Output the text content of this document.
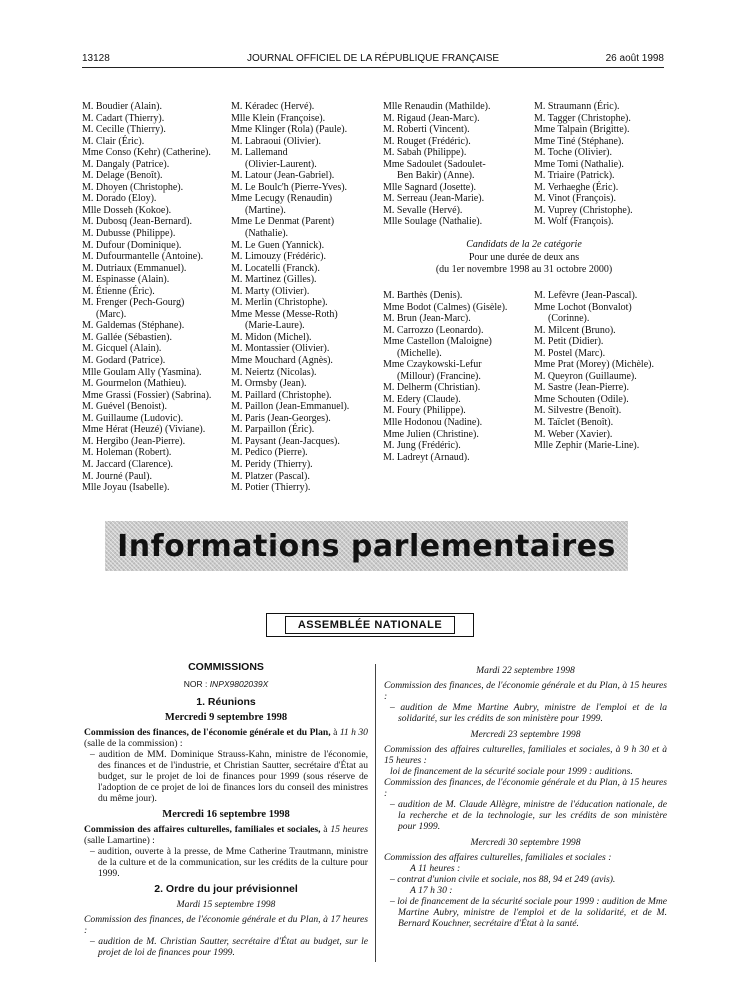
13128	JOURNAL OFFICIEL DE LA RÉPUBLIQUE FRANÇAISE	26 août 1998
M. Boudier (Alain).
M. Cadart (Thierry).
M. Cecille (Thierry).
M. Clair (Éric).
Mme Conso (Kehr) (Catherine).
M. Dangaly (Patrice).
M. Delage (Benoît).
M. Dhoyen (Christophe).
M. Dorado (Eloy).
Mlle Dosseh (Kokoe).
M. Dubosq (Jean-Bernard).
M. Dubusse (Philippe).
M. Dufour (Dominique).
M. Dufourmantelle (Antoine).
M. Dutriaux (Emmanuel).
M. Espinasse (Alain).
M. Étienne (Éric).
M. Frenger (Pech-Gourg)
(Marc).
M. Galdemas (Stéphane).
M. Gallée (Sébastien).
M. Gicquel (Alain).
M. Godard (Patrice).
Mlle Goulam Ally (Yasmina).
M. Gourmelon (Mathieu).
Mme Grassi (Fossier) (Sabrina).
M. Guével (Benoist).
M. Guillaume (Ludovic).
Mme Hérat (Heuzé) (Viviane).
M. Hergibo (Jean-Pierre).
M. Holeman (Robert).
M. Jaccard (Clarence).
M. Journé (Paul).
Mlle Joyau (Isabelle).
M. Kéradec (Hervé).
Mlle Klein (Françoise).
Mme Klinger (Rola) (Paule).
M. Labraoui (Olivier).
M. Lallemand
(Olivier-Laurent).
M. Latour (Jean-Gabriel).
M. Le Boulc'h (Pierre-Yves).
Mme Lecugy (Renaudin)
(Martine).
Mme Le Denmat (Parent)
(Nathalie).
M. Le Guen (Yannick).
M. Limouzy (Frédéric).
M. Locatelli (Franck).
M. Martinez (Gilles).
M. Marty (Olivier).
M. Merlin (Christophe).
Mme Messe (Messe-Roth)
(Marie-Laure).
M. Midon (Michel).
M. Montassier (Olivier).
Mme Mouchard (Agnès).
M. Neiertz (Nicolas).
M. Ormsby (Jean).
M. Paillard (Christophe).
M. Paillon (Jean-Emmanuel).
M. Paris (Jean-Georges).
M. Parpaillon (Éric).
M. Paysant (Jean-Jacques).
M. Pedico (Pierre).
M. Peridy (Thierry).
M. Platzer (Pascal).
M. Potier (Thierry).
Mlle Renaudin (Mathilde).
M. Rigaud (Jean-Marc).
M. Roberti (Vincent).
M. Rouget (Frédéric).
M. Sabah (Philippe).
Mme Sadoulet (Sadoulet-
Ben Bakir) (Anne).
Mlle Sagnard (Josette).
M. Serreau (Jean-Marie).
M. Sevalle (Hervé).
Mlle Soulage (Nathalie).
M. Straumann (Éric).
M. Tagger (Christophe).
Mme Talpain (Brigitte).
Mme Tiné (Stéphane).
M. Toche (Olivier).
Mme Tomi (Nathalie).
M. Triaire (Patrick).
M. Verhaeghe (Éric).
M. Vinot (François).
M. Vuprey (Christophe).
M. Wolf (François).
Candidats de la 2e catégorie
Pour une durée de deux ans
(du 1er novembre 1998 au 31 octobre 2000)
M. Barthès (Denis).
Mme Bodot (Calmes) (Gisèle).
M. Brun (Jean-Marc).
M. Carrozzo (Leonardo).
Mme Castellon (Maloigne)
(Michelle).
Mme Czaykowski-Lefur
(Millour) (Francine).
M. Delherm (Christian).
M. Edery (Claude).
M. Foury (Philippe).
Mlle Hodonou (Nadine).
Mme Julien (Christine).
M. Jung (Frédéric).
M. Ladreyt (Arnaud).
M. Lefèvre (Jean-Pascal).
Mme Lochot (Bonvalot)
(Corinne).
M. Milcent (Bruno).
M. Petit (Didier).
M. Postel (Marc).
Mme Prat (Morey) (Michèle).
M. Queyron (Guillaume).
M. Sastre (Jean-Pierre).
Mme Schouten (Odile).
M. Silvestre (Benoît).
M. Taïclet (Benoît).
M. Weber (Xavier).
Mlle Zephir (Marie-Line).
Informations parlementaires
ASSEMBLÉE NATIONALE
COMMISSIONS
NOR : INPX9802039X
1. Réunions
Mercredi 9 septembre 1998
Commission des finances, de l'économie générale et du Plan, à 11 h 30 (salle de la commission) :
– audition de MM. Dominique Strauss-Kahn, ministre de l'économie, des finances et de l'industrie, et Christian Sautter, secrétaire d'État au budget, sur le projet de loi de finances pour 1999 (sous réserve de l'adoption de ce projet de loi de finances lors du conseil des ministres du même jour).
Mercredi 16 septembre 1998
Commission des affaires culturelles, familiales et sociales, à 15 heures (salle Lamartine) :
– audition, ouverte à la presse, de Mme Catherine Trautmann, ministre de la culture et de la communication, sur les crédits de la culture pour 1999.
2. Ordre du jour prévisionnel
Mardi 15 septembre 1998
Commission des finances, de l'économie générale et du Plan, à 17 heures :
– audition de M. Christian Sautter, secrétaire d'État au budget, sur le projet de loi de finances pour 1999.
Mardi 22 septembre 1998
Commission des finances, de l'économie générale et du Plan, à 15 heures :
– audition de Mme Martine Aubry, ministre de l'emploi et de la solidarité, sur les crédits de son ministère pour 1999.
Mercredi 23 septembre 1998
Commission des affaires culturelles, familiales et sociales, à 9 h 30 et à 15 heures :
loi de financement de la sécurité sociale pour 1999 : auditions.
Commission des finances, de l'économie générale et du Plan, à 15 heures :
– audition de M. Claude Allègre, ministre de l'éducation nationale, de la recherche et de la technologie, sur les crédits de son ministère pour 1999.
Mercredi 30 septembre 1998
Commission des affaires culturelles, familiales et sociales :
A 11 heures :
– contrat d'union civile et sociale, nos 88, 94 et 249 (avis).
A 17 h 30 :
– loi de financement de la sécurité sociale pour 1999 : audition de Mme Martine Aubry, ministre de l'emploi et de la solidarité, et de M. Bernard Kouchner, secrétaire d'État à la santé.
